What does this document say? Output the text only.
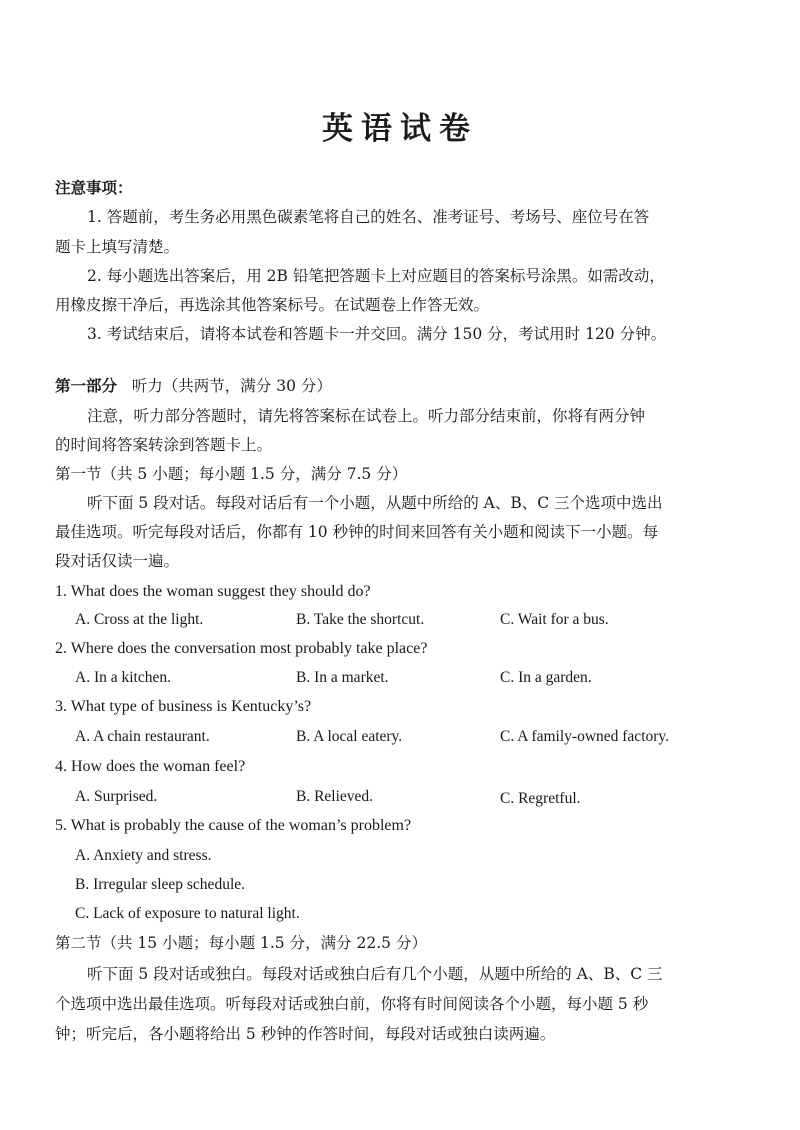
英语试卷
注意事项：
1. 答题前，考生务必用黑色碳素笔将自己的姓名、准考证号、考场号、座位号在答
题卡上填写清楚。
2. 每小题选出答案后，用 2B 铅笔把答题卡上对应题目的答案标号涂黑。如需改动，
用橡皮擦干净后，再选涂其他答案标号。在试题卷上作答无效。
3. 考试结束后，请将本试卷和答题卡一并交回。满分 150 分，考试用时 120 分钟。
第一部分 听力（共两节，满分 30 分）
注意，听力部分答题时，请先将答案标在试卷上。听力部分结束前，你将有两分钟
的时间将答案转涂到答题卡上。
第一节（共 5 小题；每小题 1.5 分，满分 7.5 分）
听下面 5 段对话。每段对话后有一个小题，从题中所给的 A、B、C 三个选项中选出
最佳选项。听完每段对话后，你都有 10 秒钟的时间来回答有关小题和阅读下一小题。每
段对话仅读一遍。
1. What does the woman suggest they should do?
A. Cross at the light.	B. Take the shortcut.	C. Wait for a bus.
2. Where does the conversation most probably take place?
A. In a kitchen.	B. In a market.	C. In a garden.
3. What type of business is Kentucky’s?
A. A chain restaurant.	B. A local eatery.	C. A family-owned factory.
4. How does the woman feel?
A. Surprised.	B. Relieved.	C. Regretful.
5. What is probably the cause of the woman’s problem?
A. Anxiety and stress.
B. Irregular sleep schedule.
C. Lack of exposure to natural light.
第二节（共 15 小题；每小题 1.5 分，满分 22.5 分）
听下面 5 段对话或独白。每段对话或独白后有几个小题，从题中所给的 A、B、C 三
个选项中选出最佳选项。听每段对话或独白前，你将有时间阅读各个小题，每小题 5 秒
钟；听完后，各小题将给出 5 秒钟的作答时间，每段对话或独白读两遍。
